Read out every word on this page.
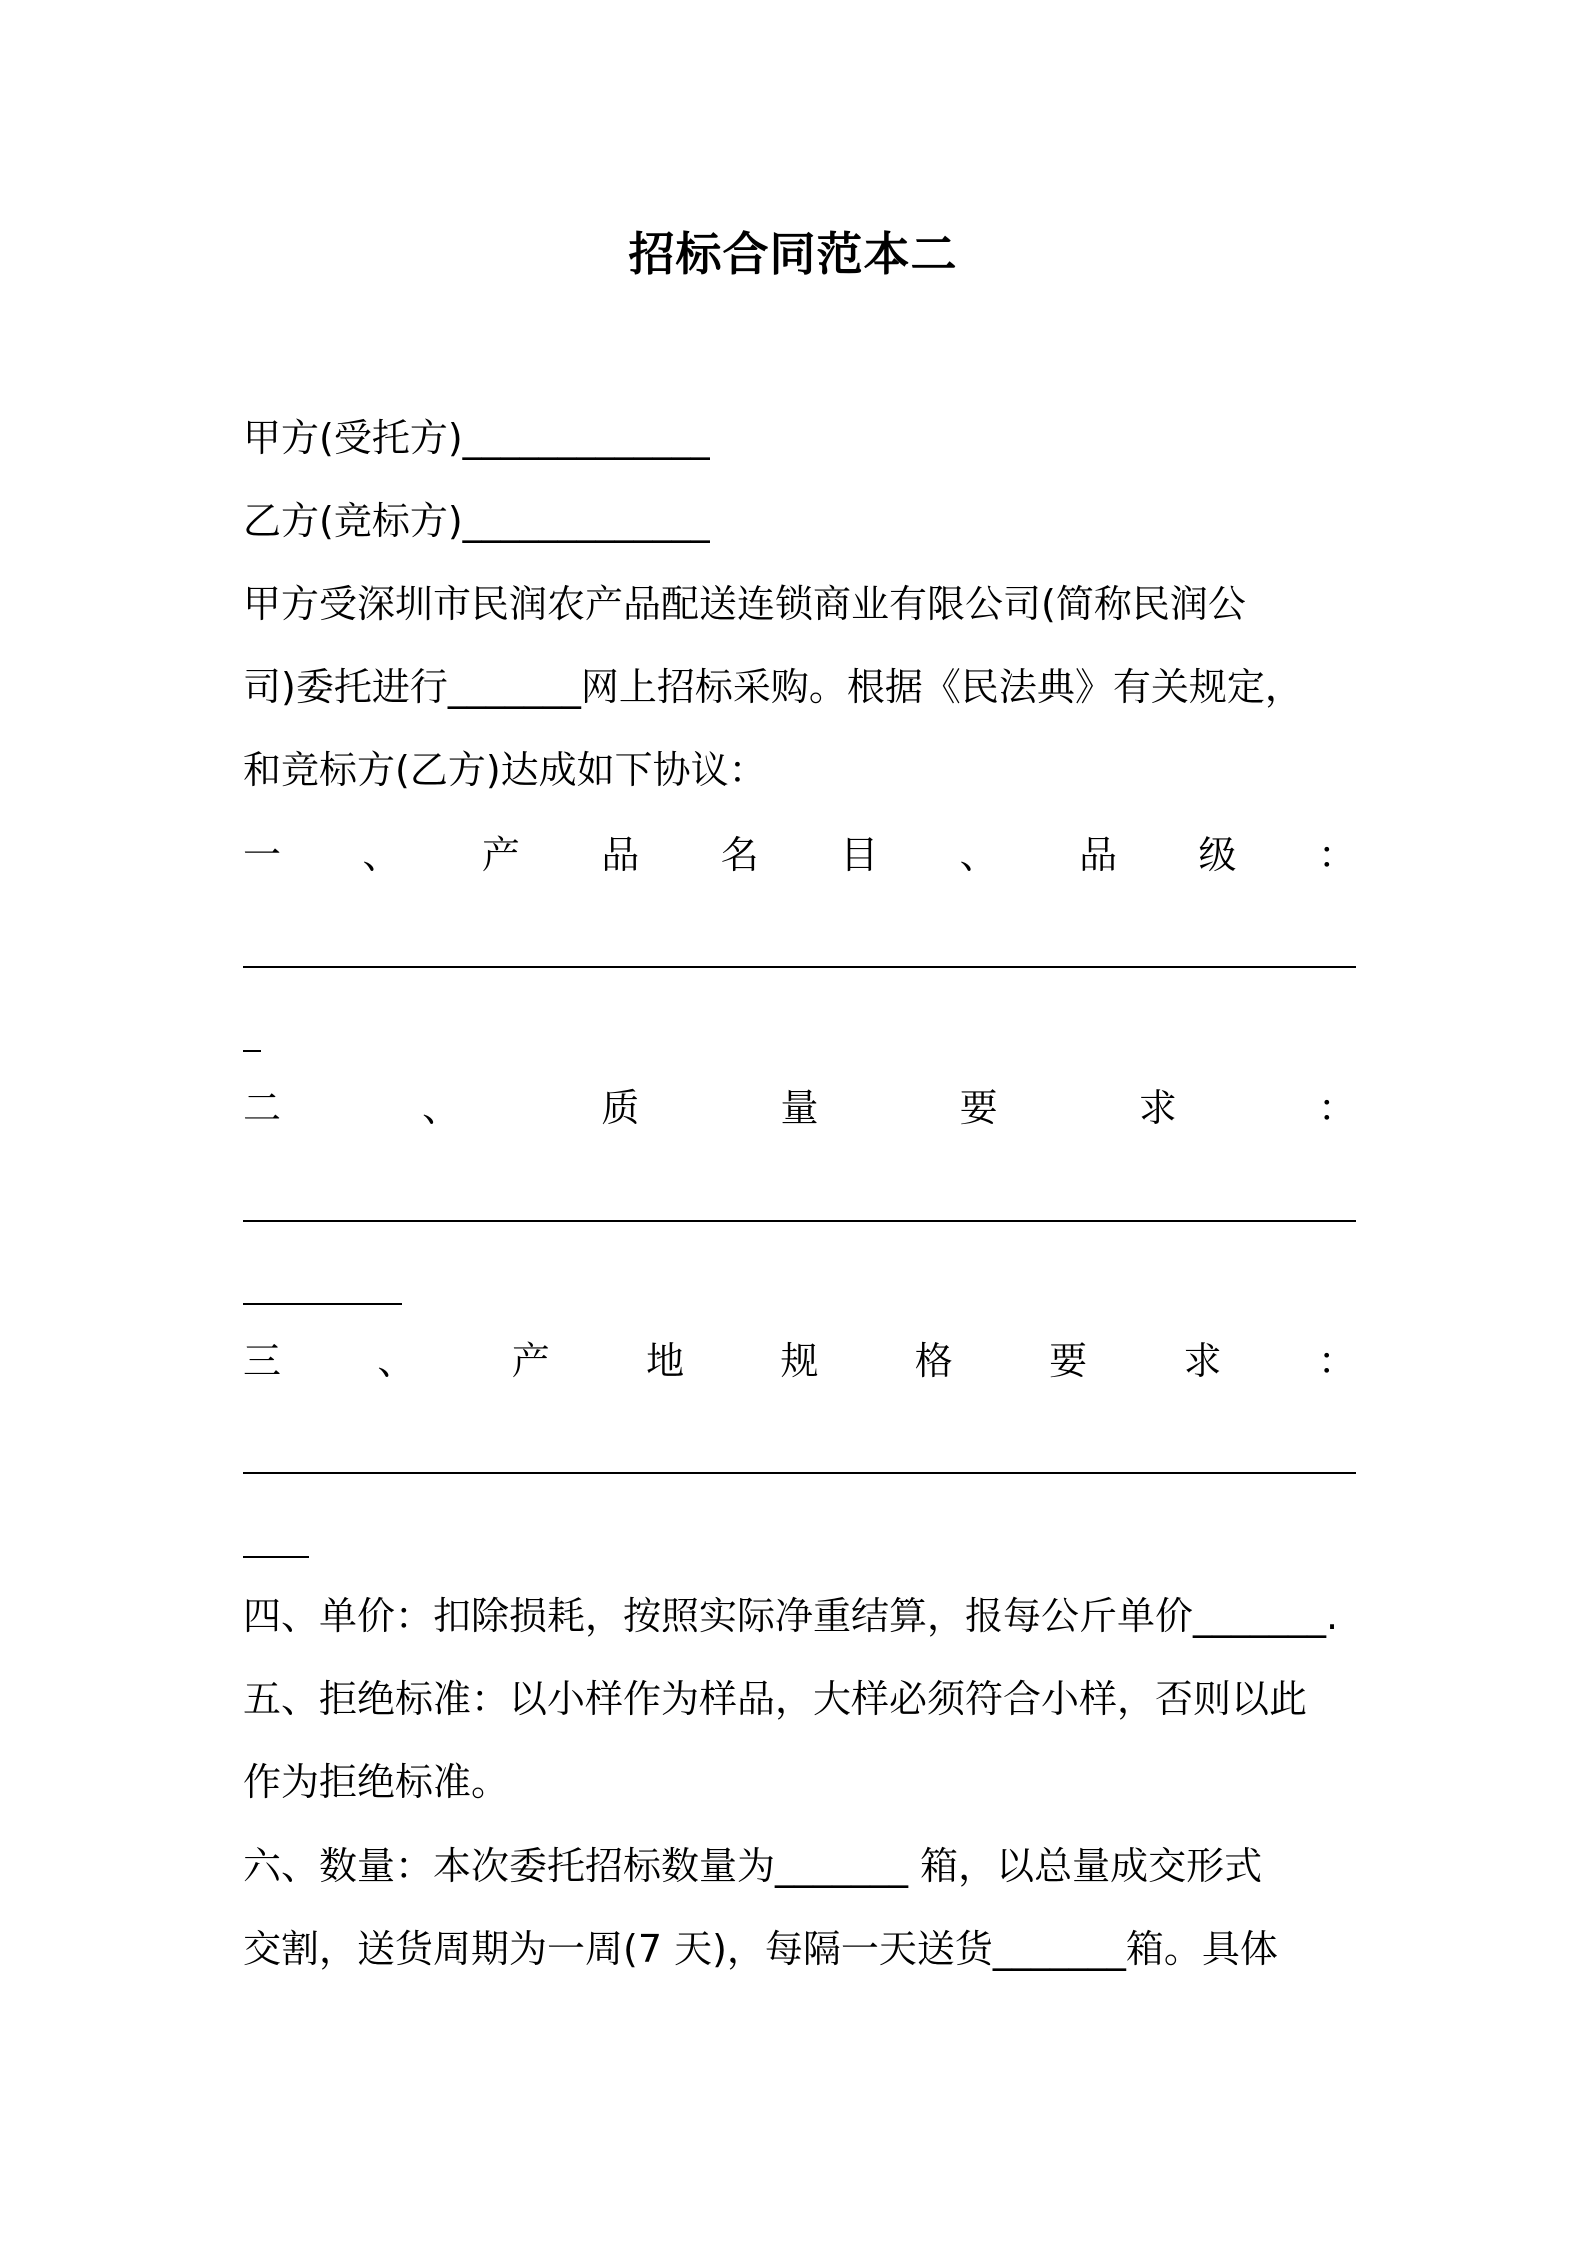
招标合同范本二
甲方(受托方)_____________
乙方(竞标方)_____________
甲方受深圳市民润农产品配送连锁商业有限公司(简称民润公
司)委托进行_______网上招标采购。根据《民法典》有关规定，
和竞标方(乙方)达成如下协议：
一 、 产 品 名 目 、 品 级 ：
二	、	质	量	要	求	：
三	、	产	地	规	格	要	求	：
四、单价：扣除损耗，按照实际净重结算，报每公斤单价_______.
五、拒绝标准：以小样作为样品，大样必须符合小样，否则以此
作为拒绝标准。
六、数量：本次委托招标数量为_______ 箱，以总量成交形式
交割，送货周期为一周(7 天)，每隔一天送货_______箱。具体
